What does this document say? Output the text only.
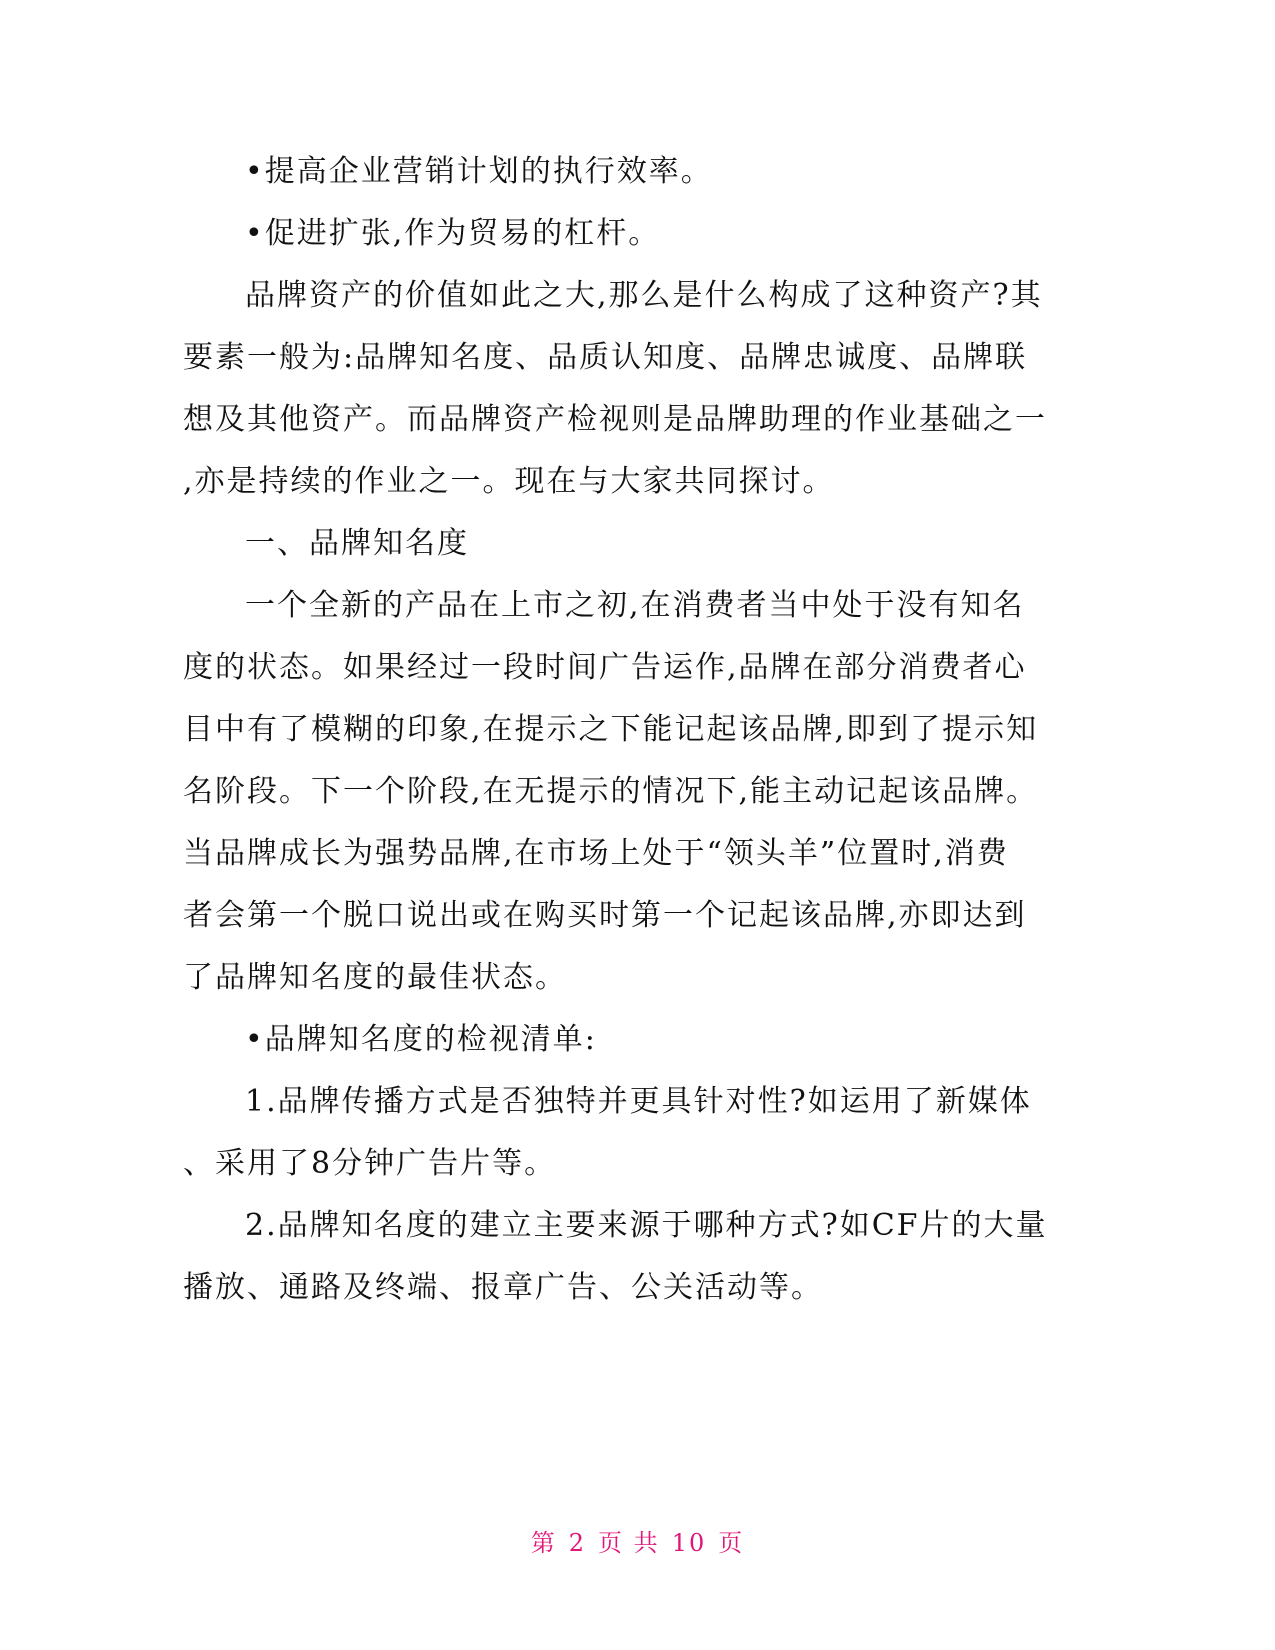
•提高企业营销计划的执行效率。
•促进扩张,作为贸易的杠杆。
品牌资产的价值如此之大,那么是什么构成了这种资产?其
要素一般为:品牌知名度、品质认知度、品牌忠诚度、品牌联
想及其他资产。而品牌资产检视则是品牌助理的作业基础之一
,亦是持续的作业之一。现在与大家共同探讨。
一、品牌知名度
一个全新的产品在上市之初,在消费者当中处于没有知名
度的状态。如果经过一段时间广告运作,品牌在部分消费者心
目中有了模糊的印象,在提示之下能记起该品牌,即到了提示知
名阶段。下一个阶段,在无提示的情况下,能主动记起该品牌。
当品牌成长为强势品牌,在市场上处于“领头羊”位置时,消费
者会第一个脱口说出或在购买时第一个记起该品牌,亦即达到
了品牌知名度的最佳状态。
•品牌知名度的检视清单:
1.品牌传播方式是否独特并更具针对性?如运用了新媒体
、采用了8分钟广告片等。
2.品牌知名度的建立主要来源于哪种方式?如CF片的大量
播放、通路及终端、报章广告、公关活动等。
第 2 页 共 10 页
